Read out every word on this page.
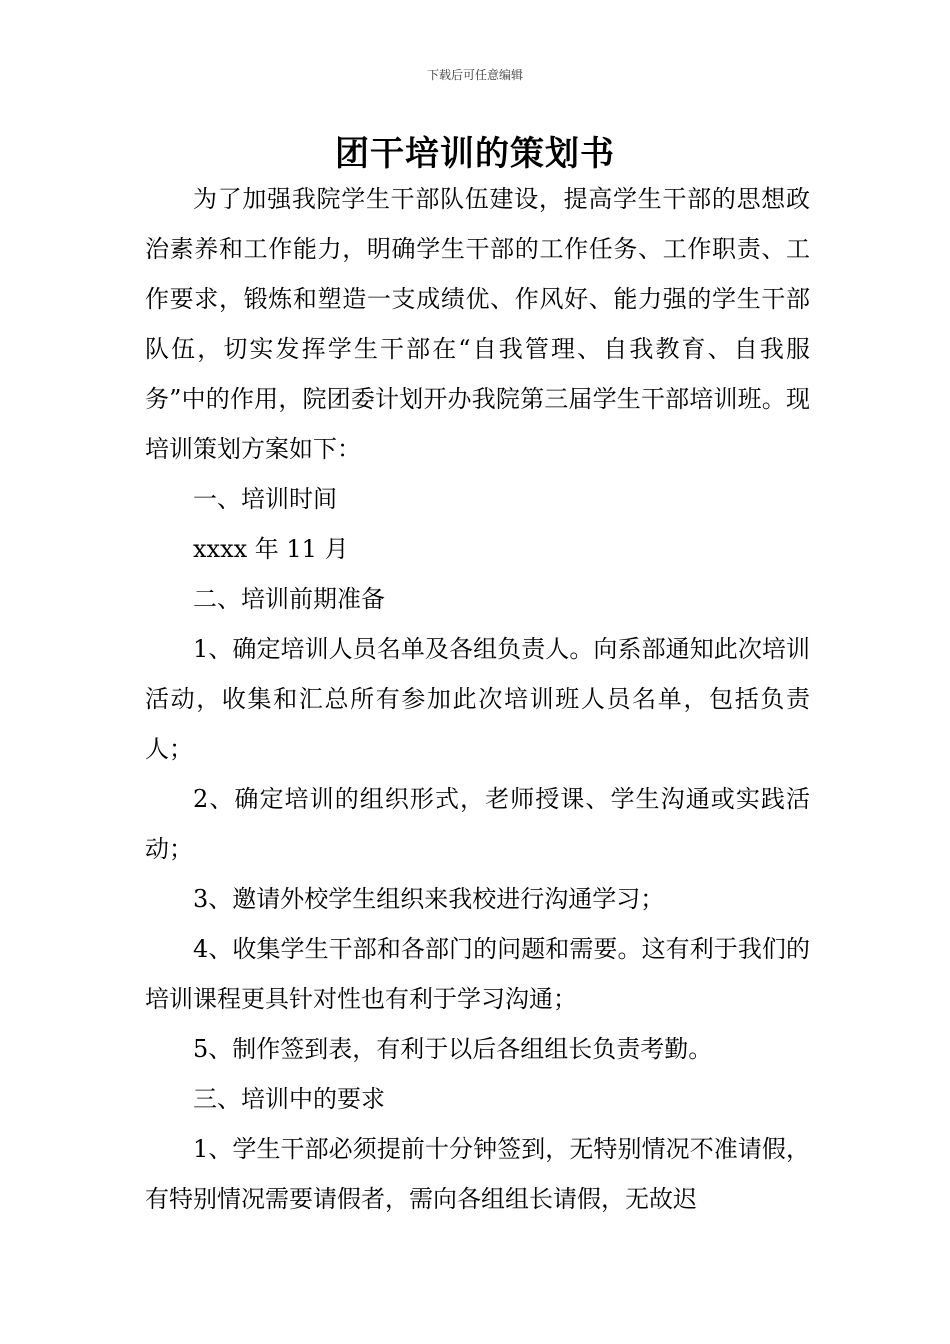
下载后可任意编辑
团干培训的策划书

为了加强我院学生干部队伍建设，提高学生干部的思想政治素养和工作能力，明确学生干部的工作任务、工作职责、工作要求，锻炼和塑造一支成绩优、作风好、能力强的学生干部队伍，切实发挥学生干部在“自我管理、自我教育、自我服务”中的作用，院团委计划开办我院第三届学生干部培训班。现培训策划方案如下：

一、培训时间

xxxx 年 11 月

二、培训前期准备

1、确定培训人员名单及各组负责人。向系部通知此次培训活动，收集和汇总所有参加此次培训班人员名单，包括负责人；

2、确定培训的组织形式，老师授课、学生沟通或实践活动；

3、邀请外校学生组织来我校进行沟通学习；

4、收集学生干部和各部门的问题和需要。这有利于我们的培训课程更具针对性也有利于学习沟通；

5、制作签到表，有利于以后各组组长负责考勤。

三、培训中的要求

1、学生干部必须提前十分钟签到，无特别情况不准请假，有特别情况需要请假者，需向各组组长请假，无故迟
